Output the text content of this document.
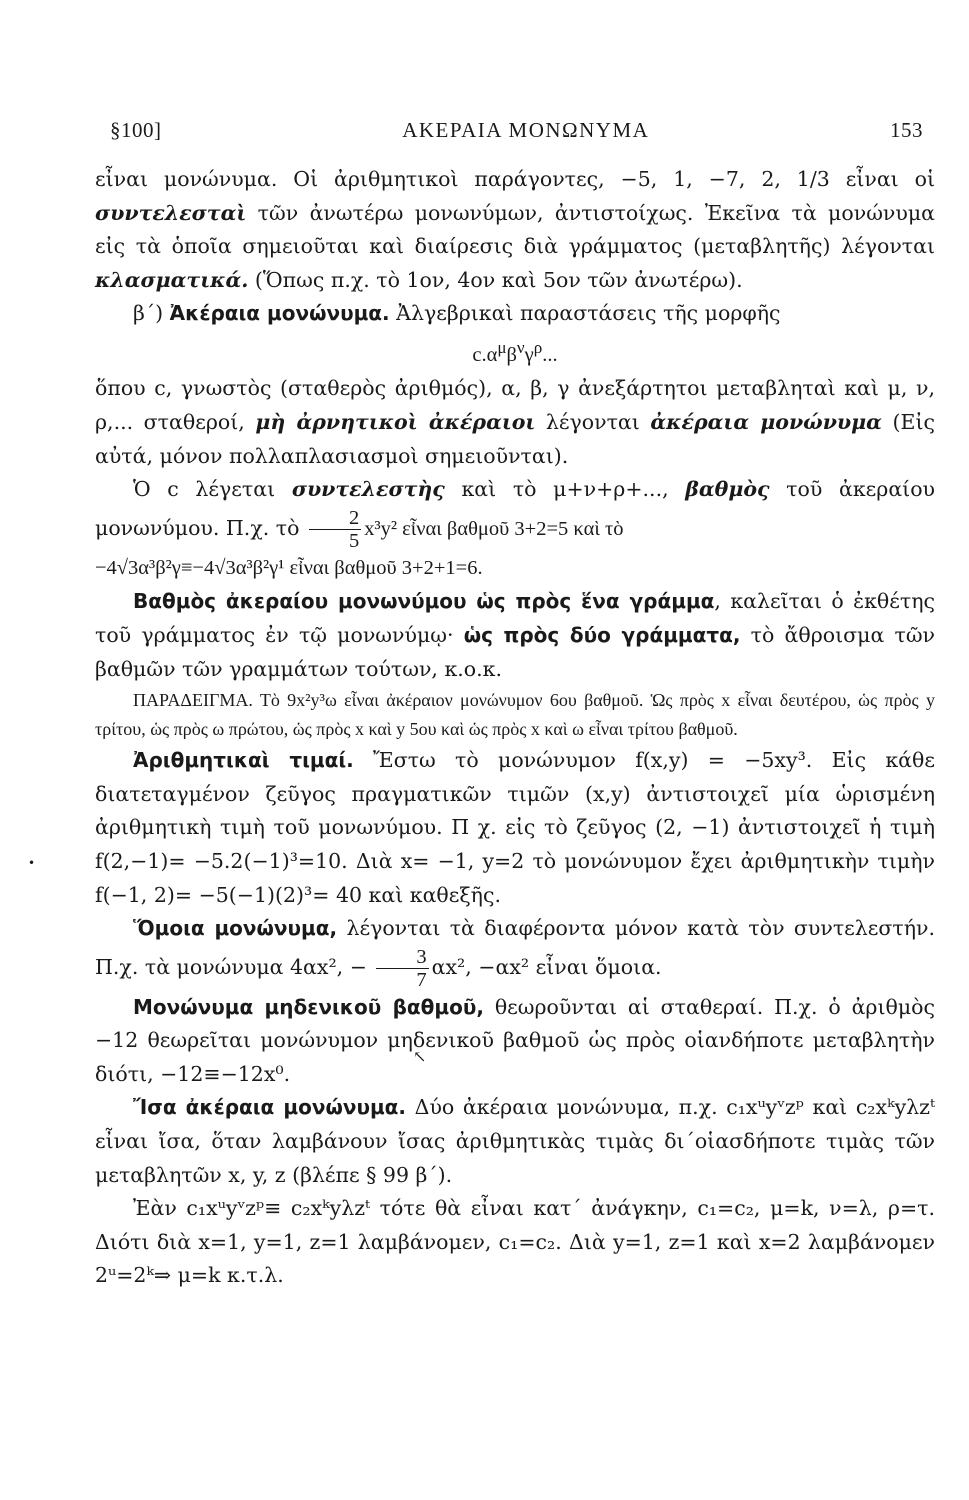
§100]	ΑΚΕΡΑΙΑ ΜΟΝΩΝΥΜΑ	153

εἶναι μονώνυμα. Οἱ ἀριθμητικοὶ παράγοντες, −5, 1, −7, 2, 1/3 εἶναι οἱ συντελεσταὶ τῶν ἀνωτέρω μονωνύμων, ἀντιστοίχως. Ἐκεῖνα τὰ μονώνυμα εἰς τὰ ὁποῖα σημειοῦται καὶ διαίρεσις διὰ γράμματος (μεταβλητῆς) λέγονται κλασματικά. (Ὅπως π.χ. τὸ 1ον, 4ον καὶ 5ον τῶν ἀνωτέρω).

β΄) Ἀκέραια μονώνυμα. Ἀλγεβρικαὶ παραστάσεις τῆς μορφῆς

$c.\alpha^\mu\beta^\nu\gamma^\rho$...

ὅπου c, γνωστὸς (σταθερὸς ἀριθμός), α, β, γ ἀνεξάρτητοι μεταβληταὶ καὶ μ, ν, ρ,... σταθεροί, μὴ ἀρνητικοὶ ἀκέραιοι λέγονται ἀκέραια μονώνυμα (Εἰς αὐτά, μόνον πολλαπλασιασμοὶ σημειοῦνται).

Ὁ c λέγεται συντελεστὴς καὶ τὸ μ+ν+ρ+..., βαθμὸς τοῦ ἀκεραίου μονωνύμου. Π.χ. τὸ $\frac{2}{5} x^3y^2$ εἶναι βαθμοῦ 3+2=5 καὶ τὸ

−4√3α³β²γ≡−4√3α³β²γ¹ εἶναι βαθμοῦ 3+2+1=6.

Βαθμὸς ἀκεραίου μονωνύμου ὡς πρὸς ἕνα γράμμα, καλεῖται ὁ ἐκθέτης τοῦ γράμματος ἐν τῷ μονωνύμῳ· ὡς πρὸς δύο γράμματα, τὸ ἄθροισμα τῶν βαθμῶν τῶν γραμμάτων τούτων, κ.ο.κ.

ΠΑΡΑΔΕΙΓΜΑ. Τὸ 9x²y³ω εἶναι ἀκέραιον μονώνυμον 6ου βαθμοῦ. Ὡς πρὸς x εἶναι δευτέρου, ὡς πρὸς y τρίτου, ὡς πρὸς ω πρώτου, ὡς πρὸς x καὶ y 5ου καὶ ὡς πρὸς x καὶ ω εἶναι τρίτου βαθμοῦ.

Ἀριθμητικαὶ τιμαί. Ἔστω τὸ μονώνυμον f(x,y) = −5xy³. Εἰς κάθε διατεταγμένον ζεῦγος πραγματικῶν τιμῶν (x,y) ἀντιστοιχεῖ μία ὡρισμένη ἀριθμητικὴ τιμὴ τοῦ μονωνύμου. Π χ. εἰς τὸ ζεῦγος (2, −1) ἀντιστοιχεῖ ἡ τιμὴ f(2,−1)= −5.2(−1)³=10. Διὰ x= −1, y=2 τὸ μονώνυμον ἔχει ἀριθμητικὴν τιμὴν f(−1, 2)= −5(−1)(2)³= 40 καὶ καθεξῆς.

Ὅμοια μονώνυμα, λέγονται τὰ διαφέροντα μόνον κατὰ τὸν συντελεστήν. Π.χ. τὰ μονώνυμα 4αx², − $\frac{3}{7} \alpha x^2$, −αx² εἶναι ὅμοια.

Μονώνυμα μηδενικοῦ βαθμοῦ, θεωροῦνται αἱ σταθεραί. Π.χ. ὁ ἀριθμὸς −12 θεωρεῖται μονώνυμον μηδενικοῦ βαθμοῦ ὡς πρὸς οἱανδήποτε μεταβλητὴν διότι, −12≡−12x⁰.

Ἴσα ἀκέραια μονώνυμα. Δύο ἀκέραια μονώνυμα, π.χ. c₁xᵘyᵛzᵖ καὶ c₂xᵏyλzᵗ εἶναι ἴσα, ὅταν λαμβάνουν ἴσας ἀριθμητικὰς τιμὰς δι΄οἱασδήποτε τιμὰς τῶν μεταβλητῶν x, y, z (βλέπε § 99 β΄).

Ἐὰν c₁xᵘyᵛzᵖ≡ c₂xᵏyλzᵗ τότε θὰ εἶναι κατ΄ ἀνάγκην, c₁=c₂, μ=k, ν=λ, ρ=τ. Διότι διὰ x=1, y=1, z=1 λαμβάνομεν, c₁=c₂. Διὰ y=1, z=1 καὶ x=2 λαμβάνομεν 2ᵘ=2ᵏ⇒ μ=k κ.τ.λ.

•
↖
